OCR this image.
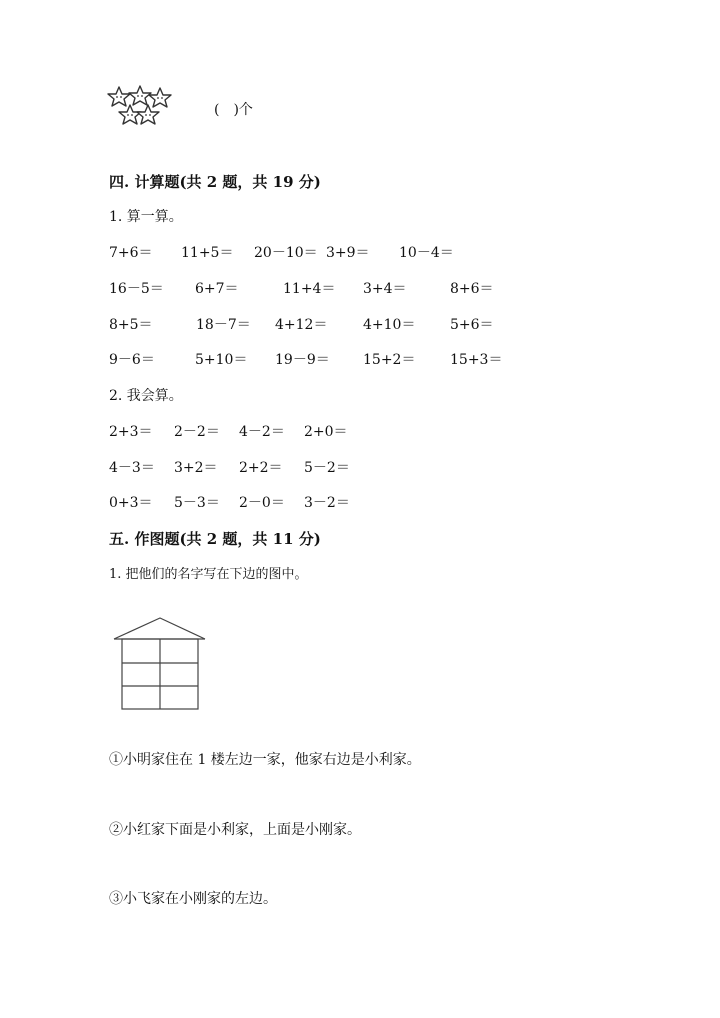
(　)个
四. 计算题(共 2 题，共 19 分)
1. 算一算。
7+6＝ 11+5＝ 20－10＝ 3+9＝ 10－4＝
16－5＝ 6+7＝	11+4＝ 3+4＝	8+6＝
8+5＝	18－7＝ 4+12＝	4+10＝ 5+6＝
9－6＝	5+10＝ 19－9＝ 15+2＝ 15+3＝
2. 我会算。
2+3＝ 2－2＝ 4－2＝ 2+0＝
4－3＝ 3+2＝ 2+2＝ 5－2＝
0+3＝ 5－3＝ 2－0＝ 3－2＝
五. 作图题(共 2 题，共 11 分)
1. 把他们的名字写在下边的图中。
①小明家住在 1 楼左边一家，他家右边是小利家。
②小红家下面是小利家，上面是小刚家。
③小飞家在小刚家的左边。
